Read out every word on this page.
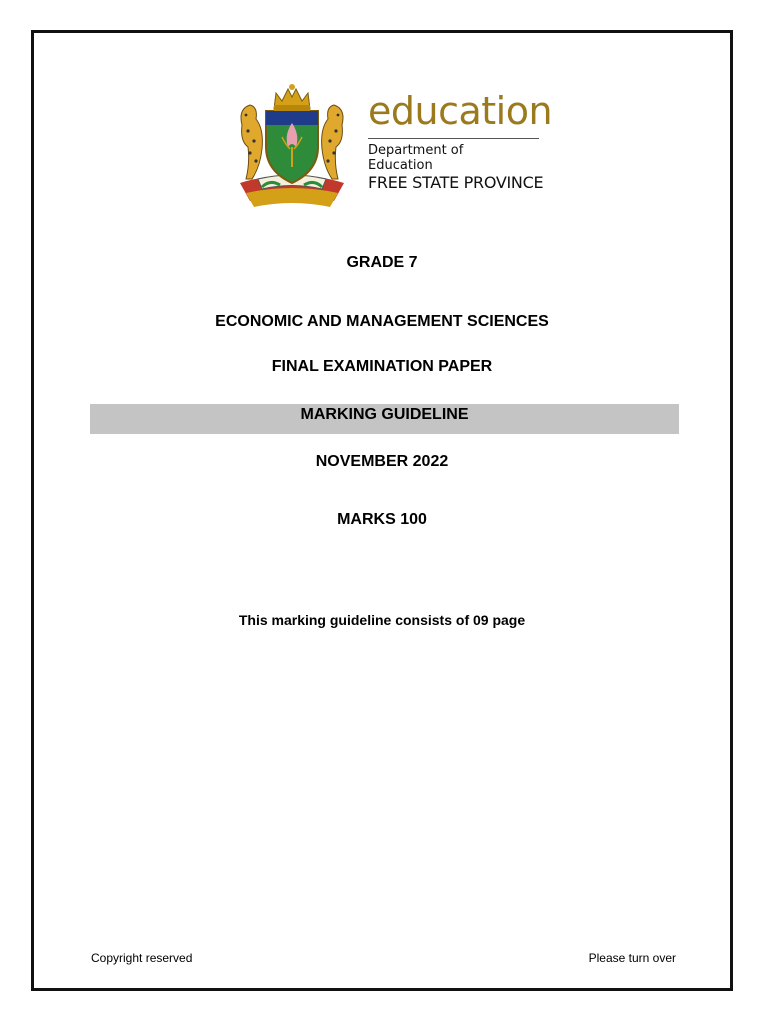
education
Department of
Education
FREE STATE PROVINCE
GRADE 7
ECONOMIC AND MANAGEMENT SCIENCES
FINAL EXAMINATION PAPER
MARKING GUIDELINE
NOVEMBER 2022
MARKS 100
This marking guideline consists of 09 page
Copyright reserved	Please turn over
